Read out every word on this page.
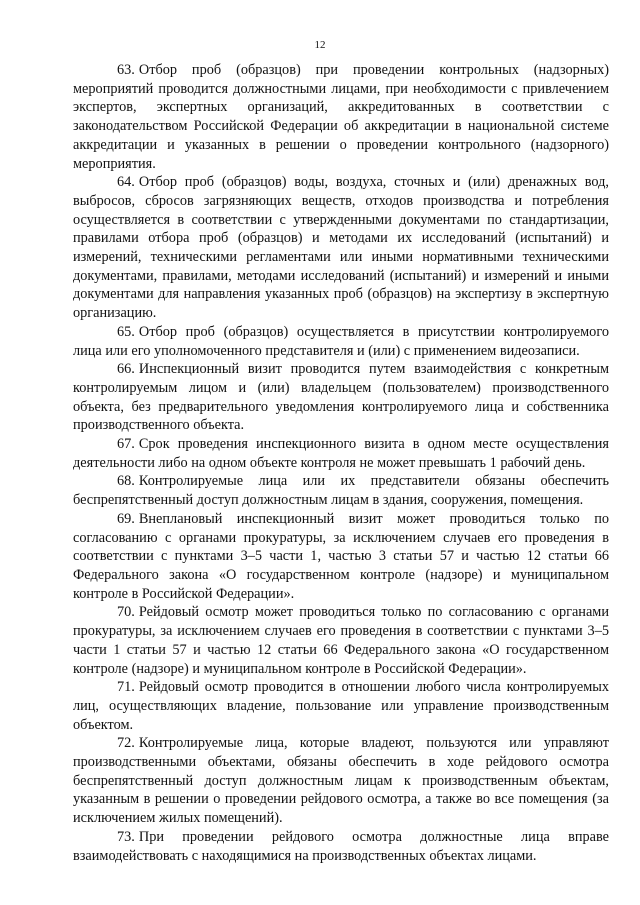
12

63. Отбор проб (образцов) при проведении контрольных (надзорных) мероприятий проводится должностными лицами, при необходимости с привлечением экспертов, экспертных организаций, аккредитованных в соответствии с законодательством Российской Федерации об аккредитации в национальной системе аккредитации и указанных в решении о проведении контрольного (надзорного) мероприятия.

64. Отбор проб (образцов) воды, воздуха, сточных и (или) дренажных вод, выбросов, сбросов загрязняющих веществ, отходов производства и потребления осуществляется в соответствии с утвержденными документами по стандартизации, правилами отбора проб (образцов) и методами их исследований (испытаний) и измерений, техническими регламентами или иными нормативными техническими документами, правилами, методами исследований (испытаний) и измерений и иными документами для направления указанных проб (образцов) на экспертизу в экспертную организацию.

65. Отбор проб (образцов) осуществляется в присутствии контролируемого лица или его уполномоченного представителя и (или) с применением видеозаписи.

66. Инспекционный визит проводится путем взаимодействия с конкретным контролируемым лицом и (или) владельцем (пользователем) производственного объекта, без предварительного уведомления контролируемого лица и собственника производственного объекта.

67. Срок проведения инспекционного визита в одном месте осуществления деятельности либо на одном объекте контроля не может превышать 1 рабочий день.

68. Контролируемые лица или их представители обязаны обеспечить беспрепятственный доступ должностным лицам в здания, сооружения, помещения.

69. Внеплановый инспекционный визит может проводиться только по согласованию с органами прокуратуры, за исключением случаев его проведения в соответствии с пунктами 3–5 части 1, частью 3 статьи 57 и частью 12 статьи 66 Федерального закона «О государственном контроле (надзоре) и муниципальном контроле в Российской Федерации».

70. Рейдовый осмотр может проводиться только по согласованию с органами прокуратуры, за исключением случаев его проведения в соответствии с пунктами 3–5 части 1 статьи 57 и частью 12 статьи 66 Федерального закона «О государственном контроле (надзоре) и муниципальном контроле в Российской Федерации».

71. Рейдовый осмотр проводится в отношении любого числа контролируемых лиц, осуществляющих владение, пользование или управление производственным объектом.

72. Контролируемые лица, которые владеют, пользуются или управляют производственными объектами, обязаны обеспечить в ходе рейдового осмотра беспрепятственный доступ должностным лицам к производственным объектам, указанным в решении о проведении рейдового осмотра, а также во все помещения (за исключением жилых помещений).

73. При проведении рейдового осмотра должностные лица вправе взаимодействовать с находящимися на производственных объектах лицами.
